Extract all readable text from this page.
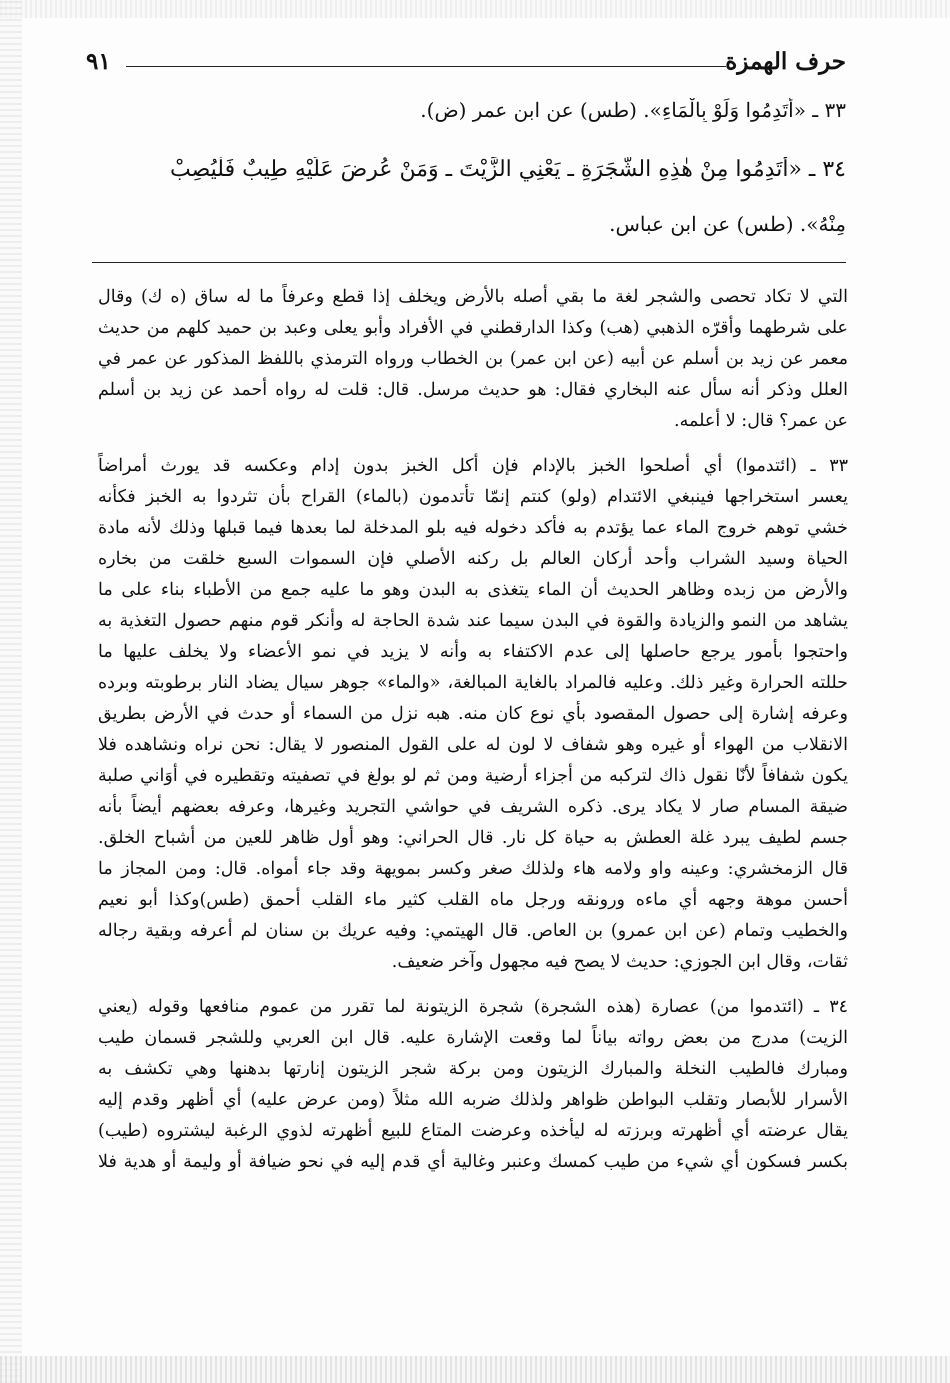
حرف الهمزة
٩١
٣٣ ـ «أَتَدِمُوا وَلَوْ بِالْمَاءِ». (طس) عن ابن عمر (ض).
٣٤ ـ «أَتَدِمُوا مِنْ هٰذِهِ الشَّجَرَةِ ـ يَعْنِي الزَّيْتَ ـ وَمَنْ عُرِضَ عَلَيْهِ طِيبٌ فَلْيُصِبْ
مِنْهُ». (طس) عن ابن عباس.
التي لا تكاد تحصى والشجر لغة ما بقي أصله بالأرض ويخلف إذا قطع وعرفاً ما له ساق (ه ك) وقال
على شرطهما وأقرّه الذهبي (هب) وكذا الدارقطني في الأفراد وأبو يعلى وعبد بن حميد كلهم من حديث
معمر عن زيد بن أسلم عن أبيه (عن ابن عمر) بن الخطاب ورواه الترمذي باللفظ المذكور عن عمر في
العلل وذكر أنه سأل عنه البخاري فقال: هو حديث مرسل. قال: قلت له رواه أحمد عن زيد بن أسلم
عن عمر؟ قال: لا أعلمه.
٣٣ ـ (ائتدموا) أي أصلحوا الخبز بالإدام فإن أكل الخبز بدون إدام وعكسه قد يورث أمراضاً
يعسر استخراجها فينبغي الائتدام (ولو) كنتم إنمّا تأتدمون (بالماء) القراح بأن تثردوا به الخبز فكأنه
خشي توهم خروج الماء عما يؤتدم به فأكد دخوله فيه بلو المدخلة لما بعدها فيما قبلها وذلك لأنه مادة
الحياة وسيد الشراب وأحد أركان العالم بل ركنه الأصلي فإن السموات السبع خلقت من بخاره
والأرض من زبده وظاهر الحديث أن الماء يتغذى به البدن وهو ما عليه جمع من الأطباء بناء على ما
يشاهد من النمو والزيادة والقوة في البدن سيما عند شدة الحاجة له وأنكر قوم منهم حصول التغذية به
واحتجوا بأمور يرجع حاصلها إلى عدم الاكتفاء به وأنه لا يزيد في نمو الأعضاء ولا يخلف عليها ما
حللته الحرارة وغير ذلك. وعليه فالمراد بالغاية المبالغة، «والماء» جوهر سيال يضاد النار برطوبته وبرده
وعرفه إشارة إلى حصول المقصود بأي نوع كان منه. هبه نزل من السماء أو حدث في الأرض بطريق
الانقلاب من الهواء أو غيره وهو شفاف لا لون له على القول المنصور لا يقال: نحن نراه ونشاهده فلا
يكون شفافاً لأنّا نقول ذاك لتركبه من أجزاء أرضية ومن ثم لو بولغ في تصفيته وتقطيره في أوَاني صلبة
ضيقة المسام صار لا يكاد يرى. ذكره الشريف في حواشي التجريد وغيرها، وعرفه بعضهم أيضاً بأنه
جسم لطيف يبرد غلة العطش به حياة كل نار. قال الحراني: وهو أول ظاهر للعين من أشباح الخلق.
قال الزمخشري: وعينه واو ولامه هاء ولذلك صغر وكسر بمويهة وقد جاء أمواه. قال: ومن المجاز ما
أحسن موهة وجهه أي ماءه ورونقه ورجل ماه القلب كثير ماء القلب أحمق (طس)وكذا أبو نعيم
والخطيب وتمام (عن ابن عمرو) بن العاص. قال الهيتمي: وفيه عريك بن سنان لم أعرفه وبقية رجاله
ثقات، وقال ابن الجوزي: حديث لا يصح فيه مجهول وآخر ضعيف.
٣٤ ـ (ائتدموا من) عصارة (هذه الشجرة) شجرة الزيتونة لما تقرر من عموم منافعها وقوله (يعني
الزيت) مدرج من بعض رواته بياناً لما وقعت الإشارة عليه. قال ابن العربي وللشجر قسمان طيب
ومبارك فالطيب النخلة والمبارك الزيتون ومن بركة شجر الزيتون إنارتها بدهنها وهي تكشف به
الأسرار للأبصار وتقلب البواطن ظواهر ولذلك ضربه الله مثلاً (ومن عرض عليه) أي أظهر وقدم إليه
يقال عرضته أي أظهرته وبرزته له ليأخذه وعرضت المتاع للبيع أظهرته لذوي الرغبة ليشتروه (طيب)
بكسر فسكون أي شيء من طيب كمسك وعنبر وغالية أي قدم إليه في نحو ضيافة أو وليمة أو هدية فلا
